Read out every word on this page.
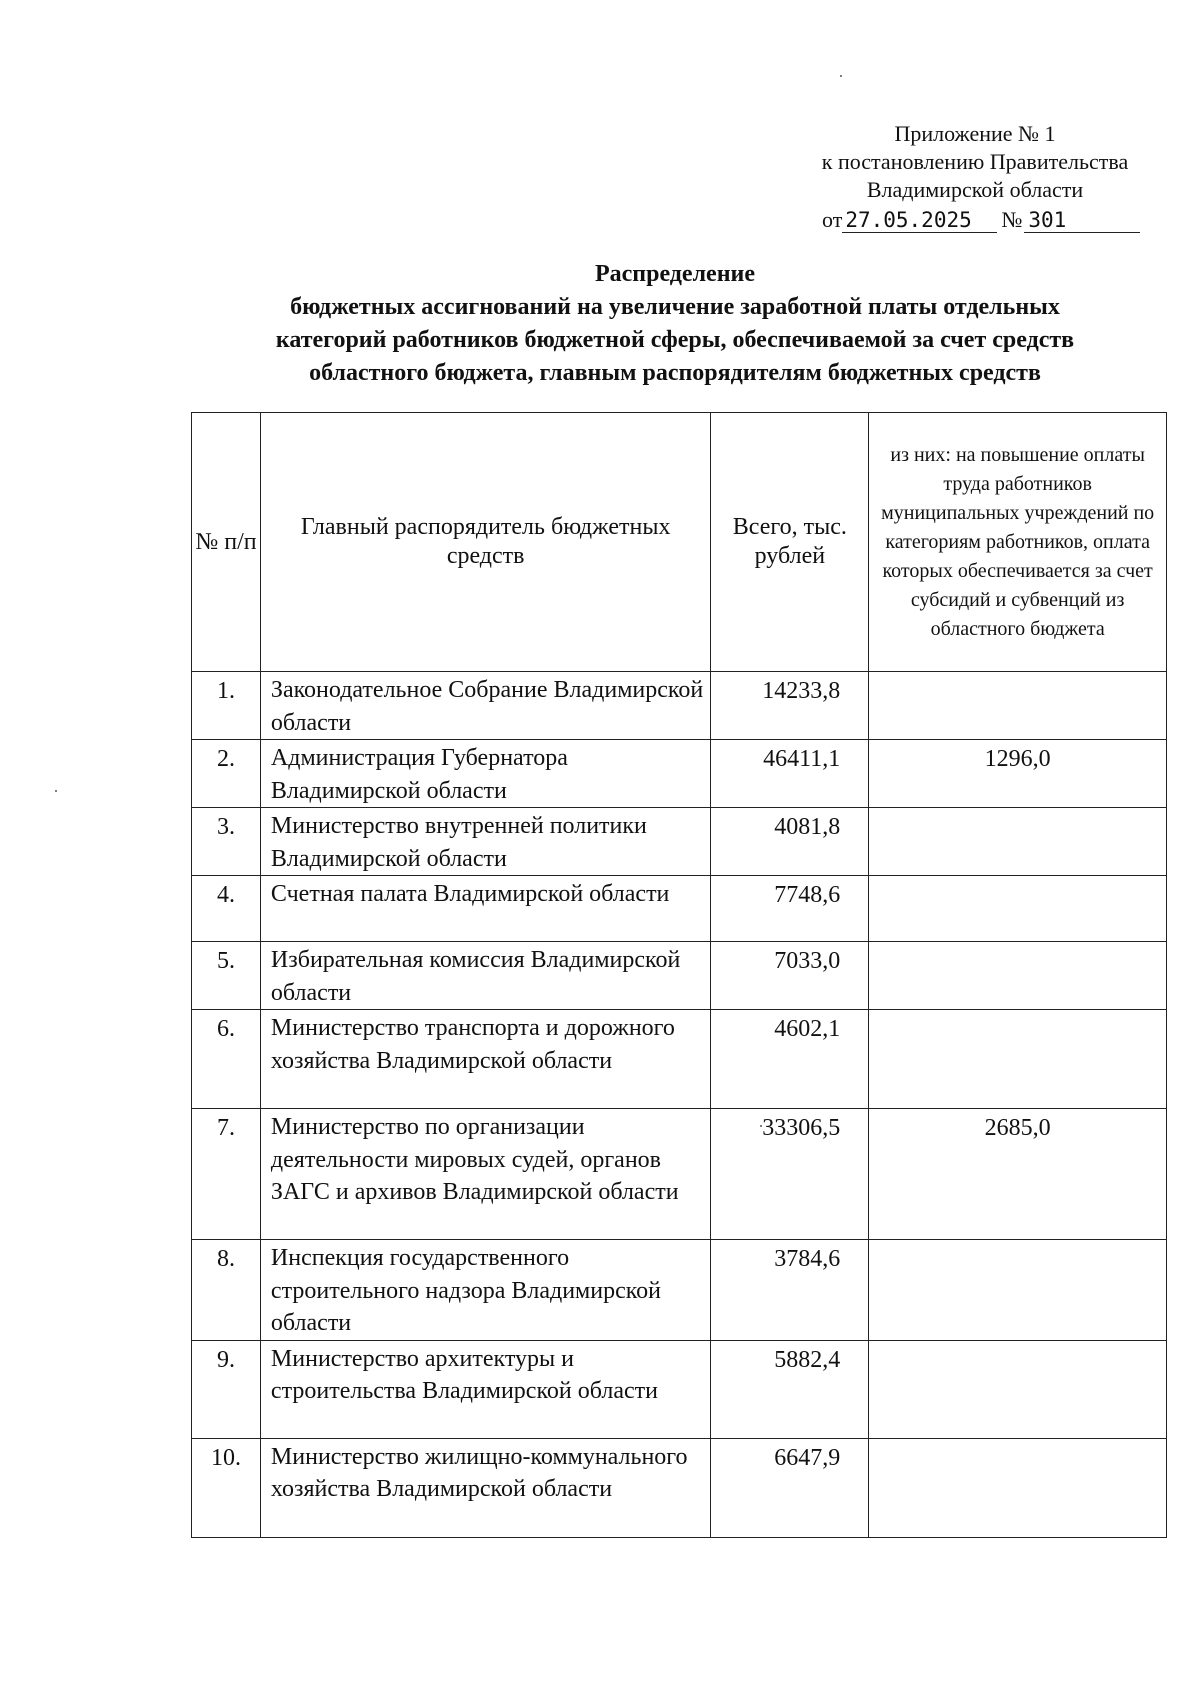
Приложение № 1
к постановлению Правительства
Владимирской области
от 27.05.2025 № 301
Распределение
бюджетных ассигнований на увеличение заработной платы отдельных
категорий работников бюджетной сферы, обеспечиваемой за счет средств
областного бюджета, главным распорядителям бюджетных средств
№ п/п	Главный распорядитель бюджетных средств	Всего, тыс. рублей	из них: на повышение оплаты труда работников муниципальных учреждений по категориям работников, оплата которых обеспечивается за счет субсидий и субвенций из областного бюджета
1.	Законодательное Собрание Владимирской области	14233,8	
2.	Администрация Губернатора Владимирской области	46411,1	1296,0
3.	Министерство внутренней политики Владимирской области	4081,8	
4.	Счетная палата Владимирской области	7748,6	
5.	Избирательная комиссия Владимирской области	7033,0	
6.	Министерство транспорта и дорожного хозяйства Владимирской области	4602,1	
7.	Министерство по организации деятельности мировых судей, органов ЗАГС и архивов Владимирской области	33306,5	2685,0
8.	Инспекция государственного строительного надзора Владимирской области	3784,6	
9.	Министерство архитектуры и строительства Владимирской области	5882,4	
10.	Министерство жилищно-коммунального хозяйства Владимирской области	6647,9	
